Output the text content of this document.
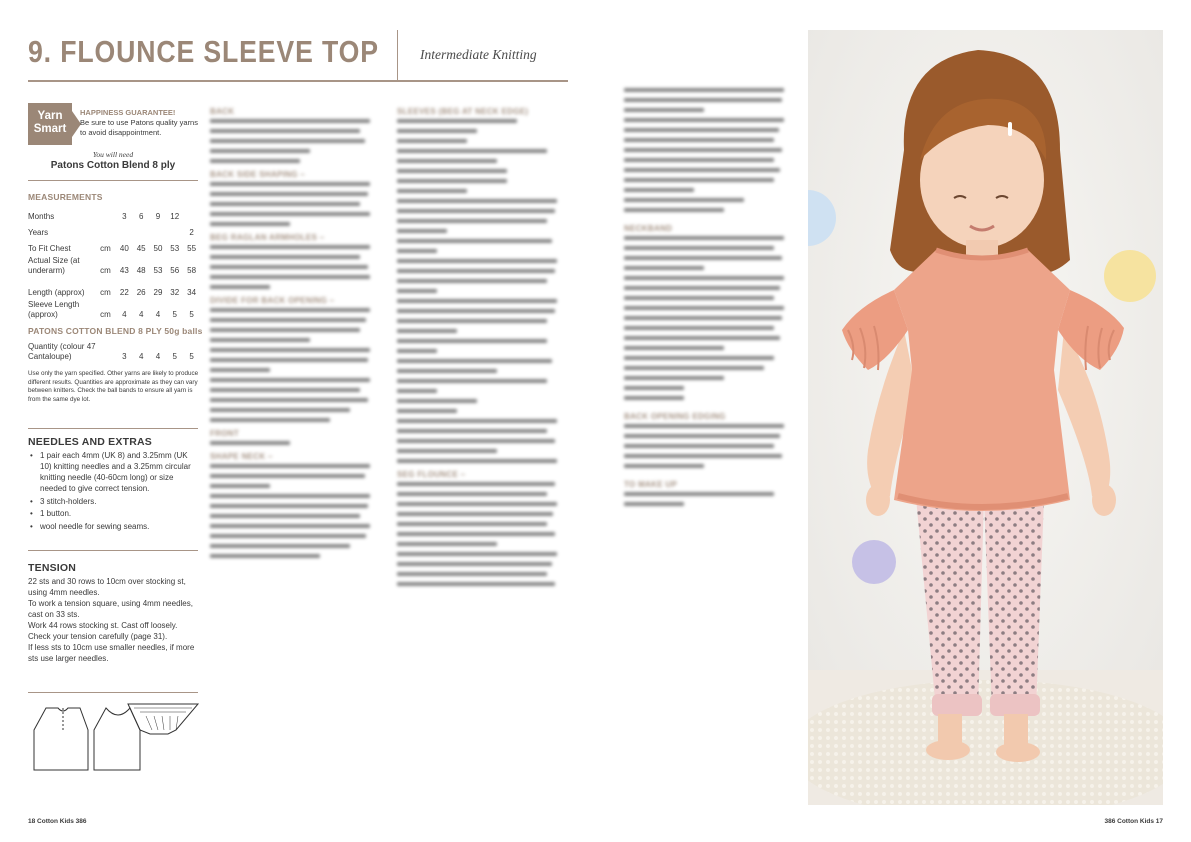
9. FLOUNCE SLEEVE TOP	Intermediate Knitting
Yarn Smart
HAPPINESS GUARANTEE!
Be sure to use Patons quality yarns to avoid disappointment.
You will need
Patons Cotton Blend 8 ply
MEASUREMENTS
Months		3	6	9	12	
Years						2
To Fit Chest	cm	40	45	50	53	55
Actual Size (at underarm)	cm	43	48	53	56	58
Length (approx)	cm	22	26	29	32	34
Sleeve Length (approx)	cm	4	4	4	5	5
PATONS COTTON BLEND 8 PLY 50g balls
Quantity (colour 47 Cantaloupe)	3	4	4	5	5
Use only the yarn specified. Other yarns are likely to produce different results. Quantities are approximate as they can vary between knitters. Check the ball bands to ensure all yarn is from the same dye lot.
NEEDLES AND EXTRAS
• 1 pair each 4mm (UK 8) and 3.25mm (UK 10) knitting needles and a 3.25mm circular knitting needle (40-60cm long) or size needed to give correct tension.
• 3 stitch-holders.
• 1 button.
• wool needle for sewing seams.
TENSION
22 sts and 30 rows to 10cm over stocking st,
using 4mm needles.
To work a tension square, using 4mm needles,
cast on 33 sts.
Work 44 rows stocking st. Cast off loosely.
Check your tension carefully (page 31).
If less sts to 10cm use smaller needles, if more
sts use larger needles.
BACK
BACK SIDE SHAPING –
BEG RAGLAN ARMHOLES –
DIVIDE FOR BACK OPENING –
FRONT
SHAPE NECK –
SLEEVES (BEG AT NECK EDGE)
SEG FLOUNCE –
NECKBAND
BACK OPENING EDGING
TO MAKE UP
18 Cotton Kids 386	386 Cotton Kids 17
